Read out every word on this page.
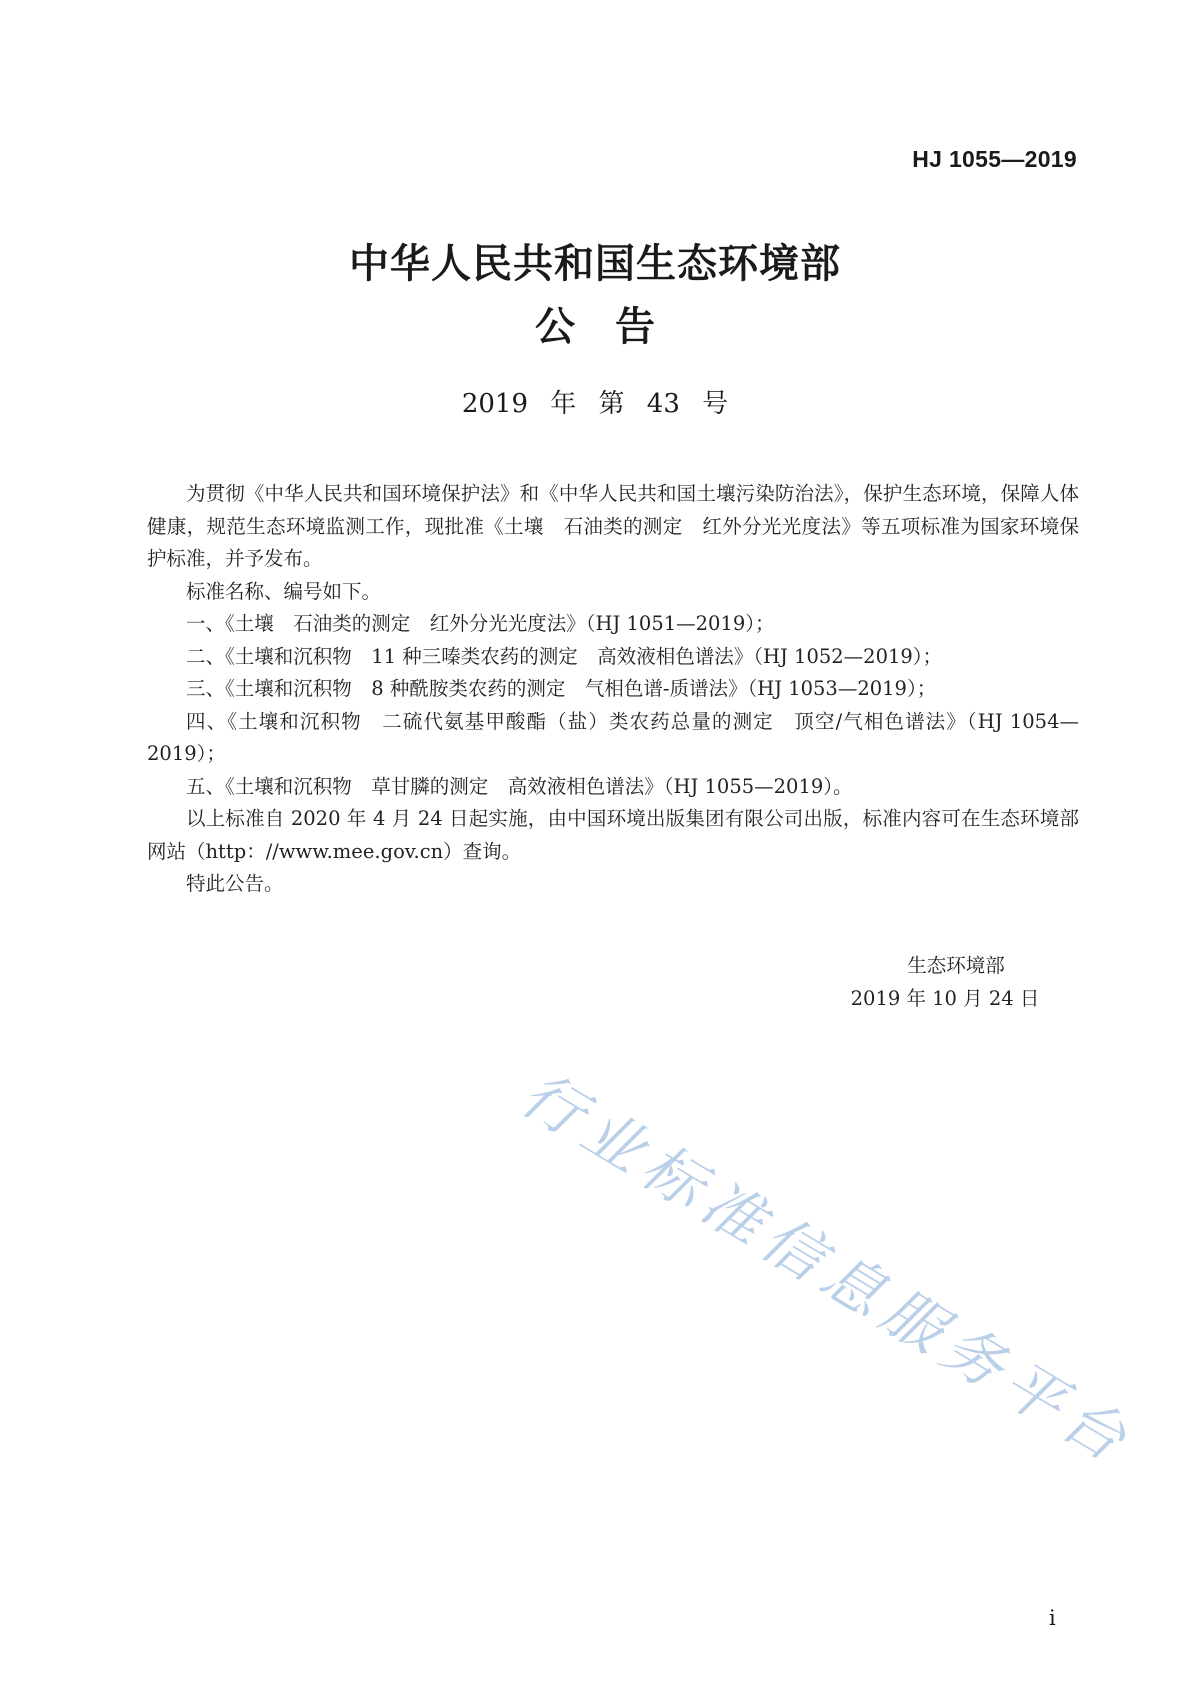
HJ 1055—2019
中华人民共和国生态环境部
公告
2019 年 第 43 号

为贯彻《中华人民共和国环境保护法》和《中华人民共和国土壤污染防治法》，保护生态环境，保障人体健康，规范生态环境监测工作，现批准《土壤　石油类的测定　红外分光光度法》等五项标准为国家环境保护标准，并予发布。

标准名称、编号如下。

一、《土壤　石油类的测定　红外分光光度法》（HJ 1051—2019）；

二、《土壤和沉积物　11 种三嗪类农药的测定　高效液相色谱法》（HJ 1052—2019）；

三、《土壤和沉积物　8 种酰胺类农药的测定　气相色谱-质谱法》（HJ 1053—2019）；

四、《土壤和沉积物　二硫代氨基甲酸酯（盐）类农药总量的测定　顶空/气相色谱法》（HJ 1054—2019）；

五、《土壤和沉积物　草甘膦的测定　高效液相色谱法》（HJ 1055—2019）。

以上标准自 2020 年 4 月 24 日起实施，由中国环境出版集团有限公司出版，标准内容可在生态环境部网站（http：//www.mee.gov.cn）查询。

特此公告。

生态环境部
2019 年 10 月 24 日
行业标准信息服务平台
i
